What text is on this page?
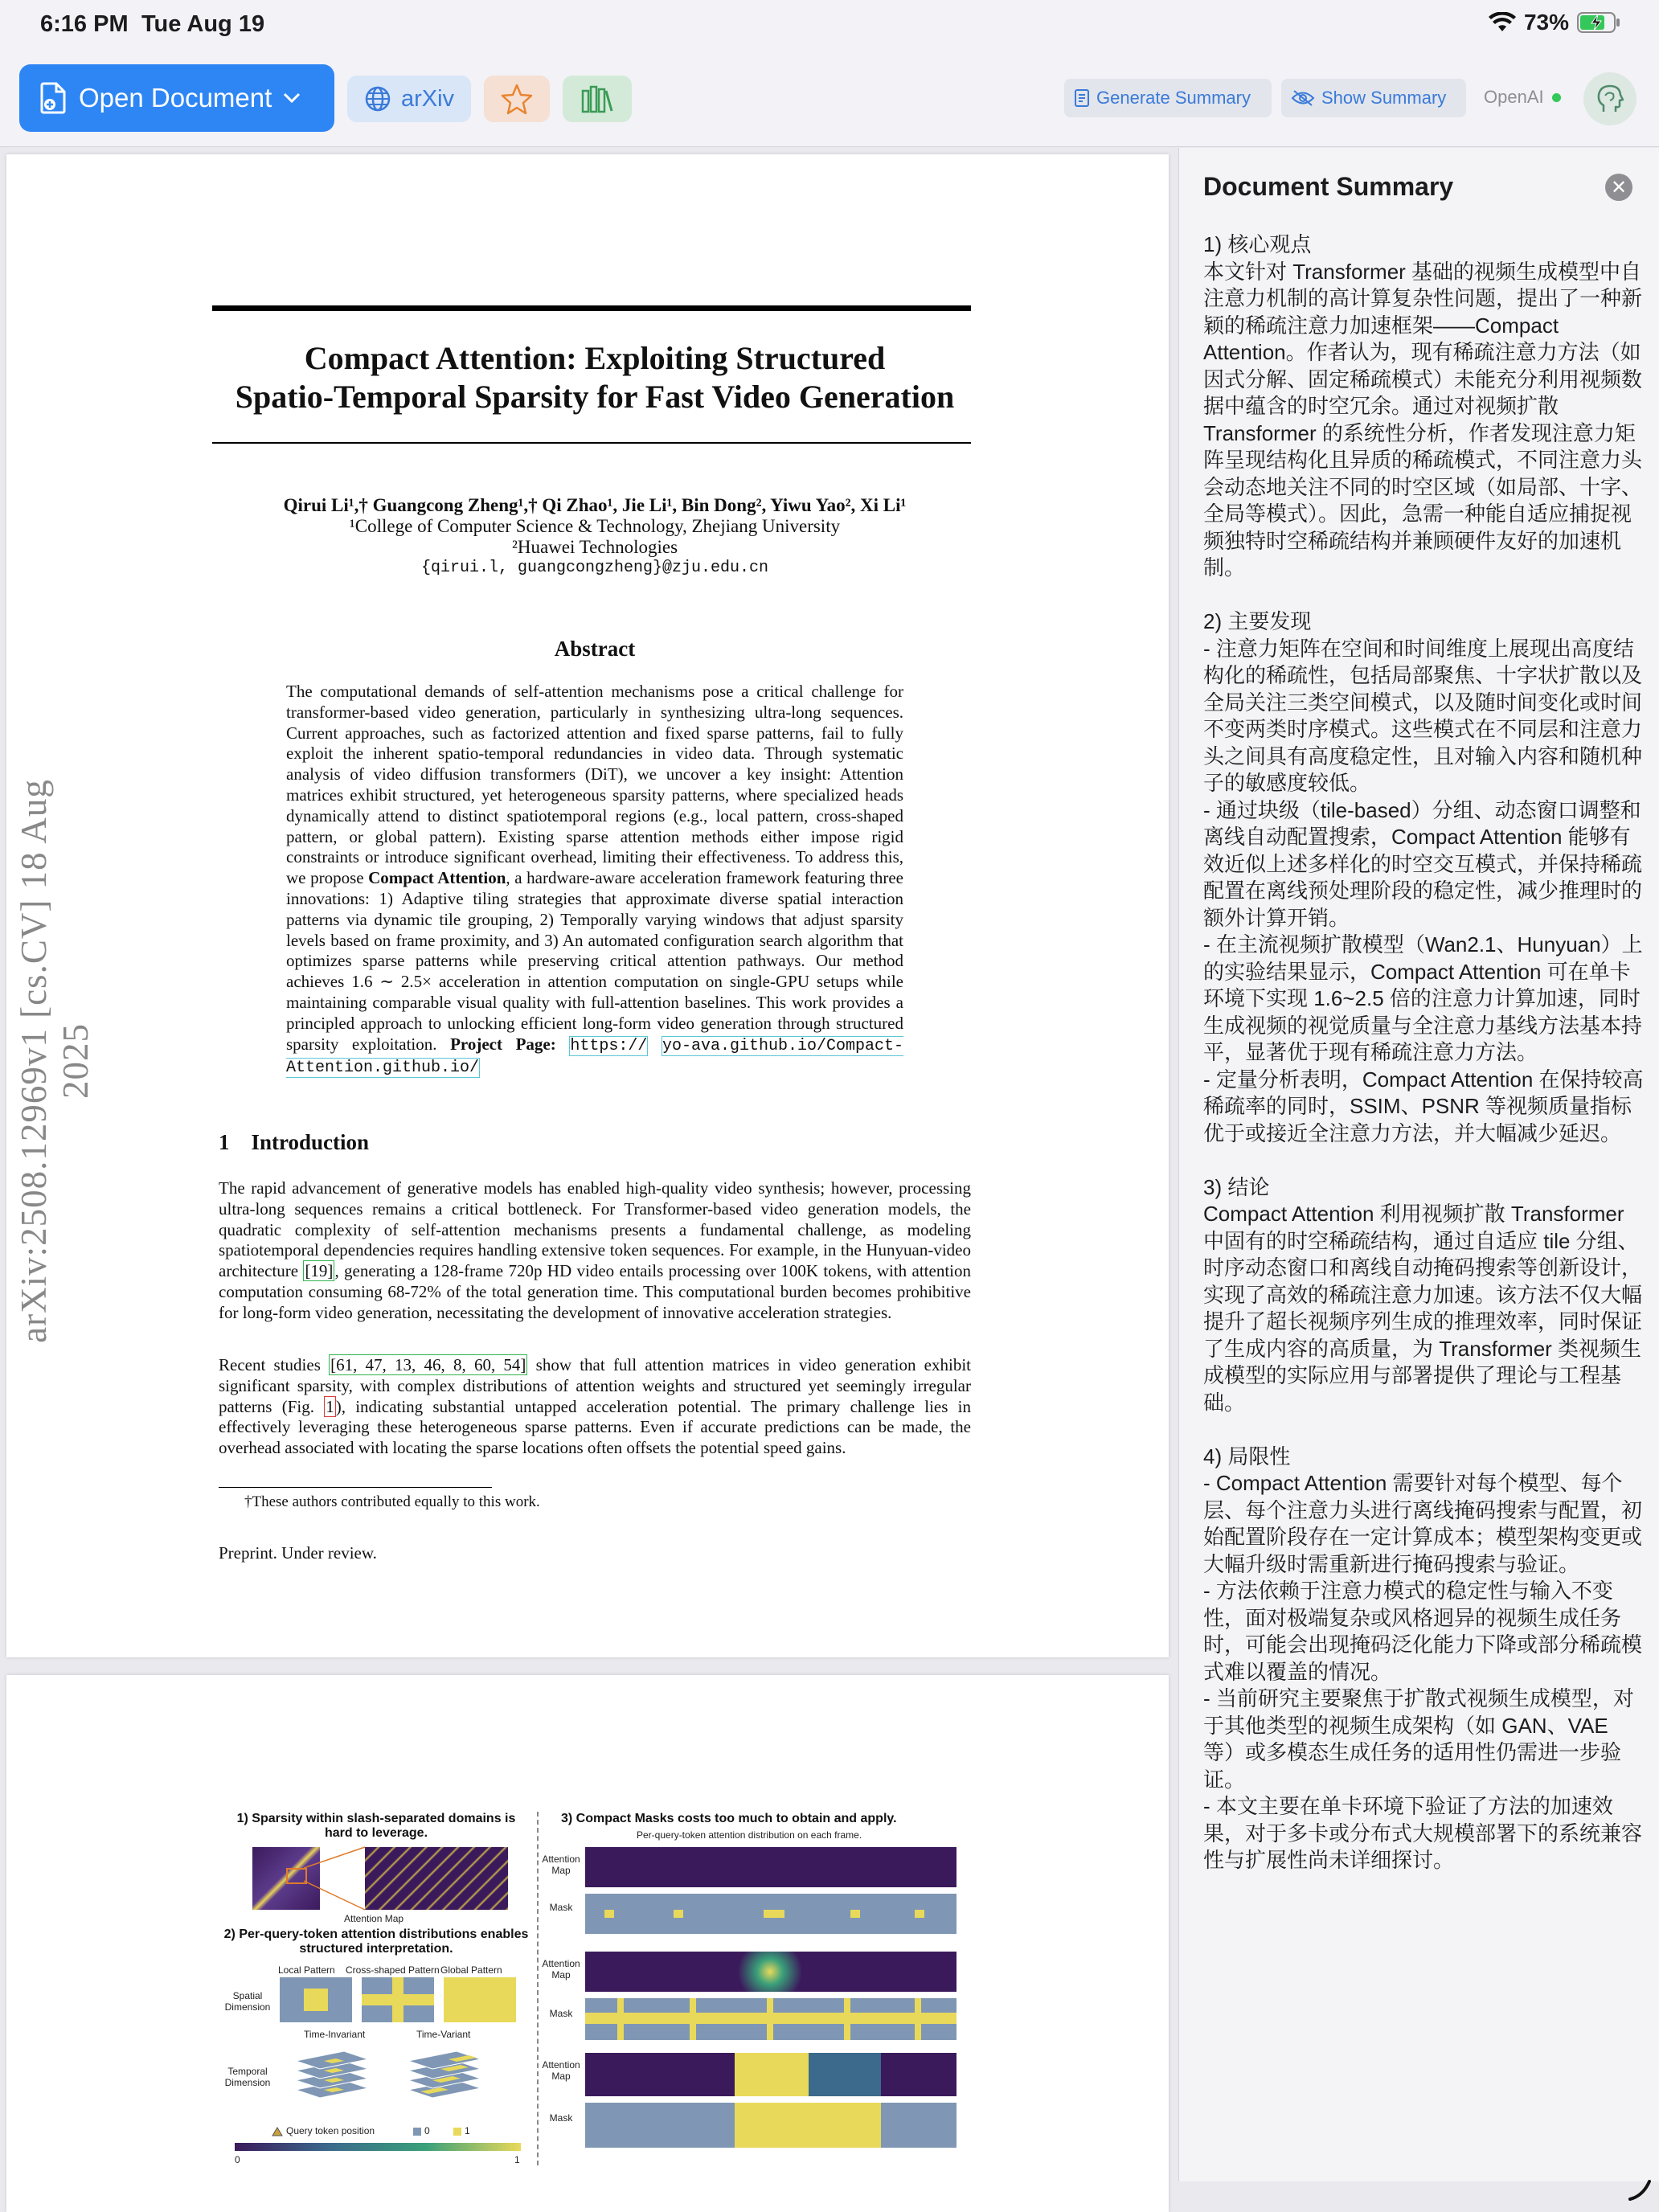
6:16 PM Tue Aug 19	73%
Open Document	arXiv	Generate Summary	Show Summary OpenAI
arXiv:2508.12969v1 [cs.CV] 18 Aug 2025
Compact Attention: Exploiting Structured
Spatio-Temporal Sparsity for Fast Video Generation
Qirui Li¹,† Guangcong Zheng¹,† Qi Zhao¹, Jie Li¹, Bin Dong², Yiwu Yao², Xi Li¹
¹College of Computer Science & Technology, Zhejiang University
²Huawei Technologies
{qirui.l, guangcongzheng}@zju.edu.cn
Abstract
The computational demands of self-attention mechanisms pose a critical challenge for transformer-based video generation, particularly in synthesizing ultra-long sequences. Current approaches, such as factorized attention and fixed sparse patterns, fail to fully exploit the inherent spatio-temporal redundancies in video data. Through systematic analysis of video diffusion transformers (DiT), we uncover a key insight: Attention matrices exhibit structured, yet heterogeneous sparsity patterns, where specialized heads dynamically attend to distinct spatiotemporal regions (e.g., local pattern, cross-shaped pattern, or global pattern). Existing sparse attention methods either impose rigid constraints or introduce significant overhead, limiting their effectiveness. To address this, we propose Compact Attention, a hardware-aware acceleration framework featuring three innovations: 1) Adaptive tiling strategies that approximate diverse spatial interaction patterns via dynamic tile grouping, 2) Temporally varying windows that adjust sparsity levels based on frame proximity, and 3) An automated configuration search algorithm that optimizes sparse patterns while preserving critical attention pathways. Our method achieves 1.6 ∼ 2.5× acceleration in attention computation on single-GPU setups while maintaining comparable visual quality with full-attention baselines. This work provides a principled approach to unlocking efficient long-form video generation through structured sparsity exploitation. Project Page: https:// yo-ava.github.io/Compact-Attention.github.io/
1    Introduction
The rapid advancement of generative models has enabled high-quality video synthesis; however, processing ultra-long sequences remains a critical bottleneck. For Transformer-based video generation models, the quadratic complexity of self-attention mechanisms presents a fundamental challenge, as modeling spatiotemporal dependencies requires handling extensive token sequences. For example, in the Hunyuan-video architecture [19], generating a 128-frame 720p HD video entails processing over 100K tokens, with attention computation consuming 68-72% of the total generation time. This computational burden becomes prohibitive for long-form video generation, necessitating the development of innovative acceleration strategies.
Recent studies [61, 47, 13, 46, 8, 60, 54] show that full attention matrices in video generation exhibit significant sparsity, with complex distributions of attention weights and structured yet seemingly irregular patterns (Fig. 1), indicating substantial untapped acceleration potential. The primary challenge lies in effectively leveraging these heterogeneous sparse patterns. Even if accurate predictions can be made, the overhead associated with locating the sparse locations often offsets the potential speed gains.
†These authors contributed equally to this work.
Preprint. Under review.
1) Sparsity within slash-separated domains is hard to leverage.
Attention Map
2) Per-query-token attention distributions enables structured interpretation.
Local Pattern Cross-shaped Pattern Global Pattern
Spatial Dimension
Time-Invariant	Time-Variant
Temporal Dimension
Query token position	0	1
0	1
3) Compact Masks costs too much to obtain and apply.
Per-query-token attention distribution on each frame.
Attention Map
Mask
Attention Map
Mask
Attention Map
Mask
Document Summary	✕
1) 核心观点
本文针对 Transformer 基础的视频生成模型中自注意力机制的高计算复杂性问题，提出了一种新颖的稀疏注意力加速框架——Compact Attention。作者认为，现有稀疏注意力方法（如因式分解、固定稀疏模式）未能充分利用视频数据中蕴含的时空冗余。通过对视频扩散 Transformer 的系统性分析，作者发现注意力矩阵呈现结构化且异质的稀疏模式，不同注意力头会动态地关注不同的时空区域（如局部、十字、全局等模式）。因此，急需一种能自适应捕捉视频独特时空稀疏结构并兼顾硬件友好的加速机制。

2) 主要发现
- 注意力矩阵在空间和时间维度上展现出高度结构化的稀疏性，包括局部聚焦、十字状扩散以及全局关注三类空间模式，以及随时间变化或时间不变两类时序模式。这些模式在不同层和注意力头之间具有高度稳定性，且对输入内容和随机种子的敏感度较低。
- 通过块级（tile-based）分组、动态窗口调整和离线自动配置搜索，Compact Attention 能够有效近似上述多样化的时空交互模式，并保持稀疏配置在离线预处理阶段的稳定性，减少推理时的额外计算开销。
- 在主流视频扩散模型（Wan2.1、Hunyuan）上的实验结果显示，Compact Attention 可在单卡环境下实现 1.6~2.5 倍的注意力计算加速，同时生成视频的视觉质量与全注意力基线方法基本持平，显著优于现有稀疏注意力方法。
- 定量分析表明，Compact Attention 在保持较高稀疏率的同时，SSIM、PSNR 等视频质量指标优于或接近全注意力方法，并大幅减少延迟。

3) 结论
Compact Attention 利用视频扩散 Transformer 中固有的时空稀疏结构，通过自适应 tile 分组、时序动态窗口和离线自动掩码搜索等创新设计，实现了高效的稀疏注意力加速。该方法不仅大幅提升了超长视频序列生成的推理效率，同时保证了生成内容的高质量，为 Transformer 类视频生成模型的实际应用与部署提供了理论与工程基础。

4) 局限性
- Compact Attention 需要针对每个模型、每个层、每个注意力头进行离线掩码搜索与配置，初始配置阶段存在一定计算成本；模型架构变更或大幅升级时需重新进行掩码搜索与验证。
- 方法依赖于注意力模式的稳定性与输入不变性，面对极端复杂或风格迥异的视频生成任务时，可能会出现掩码泛化能力下降或部分稀疏模式难以覆盖的情况。
- 当前研究主要聚焦于扩散式视频生成模型，对于其他类型的视频生成架构（如 GAN、VAE 等）或多模态生成任务的适用性仍需进一步验证。
- 本文主要在单卡环境下验证了方法的加速效果，对于多卡或分布式大规模部署下的系统兼容性与扩展性尚未详细探讨。
